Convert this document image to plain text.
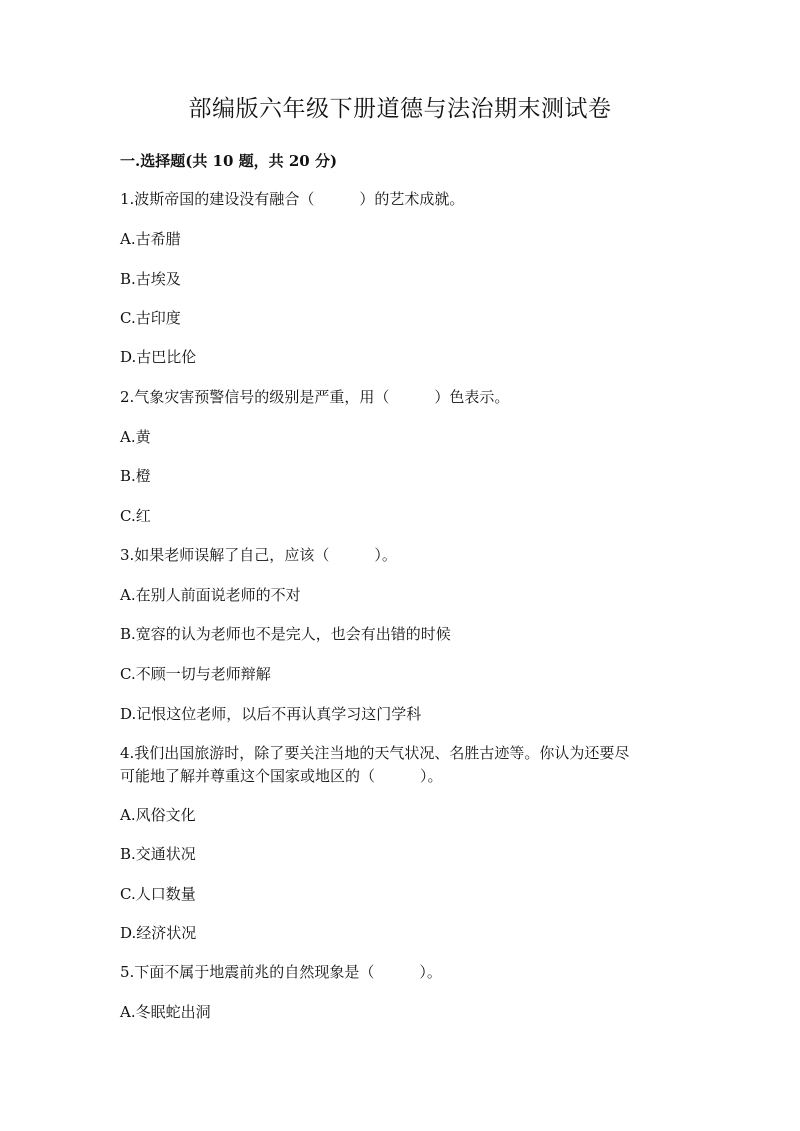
部编版六年级下册道德与法治期末测试卷
一.选择题(共 10 题，共 20 分)
1.波斯帝国的建设没有融合（　　　）的艺术成就。
A.古希腊
B.古埃及
C.古印度
D.古巴比伦
2.气象灾害预警信号的级别是严重，用（　　　）色表示。
A.黄
B.橙
C.红
3.如果老师误解了自己，应该（　　　）。
A.在别人前面说老师的不对
B.宽容的认为老师也不是完人，也会有出错的时候
C.不顾一切与老师辩解
D.记恨这位老师，以后不再认真学习这门学科
4.我们出国旅游时，除了要关注当地的天气状况、名胜古迹等。你认为还要尽
可能地了解并尊重这个国家或地区的（　　　）。
A.风俗文化
B.交通状况
C.人口数量
D.经济状况
5.下面不属于地震前兆的自然现象是（　　　）。
A.冬眠蛇出洞
